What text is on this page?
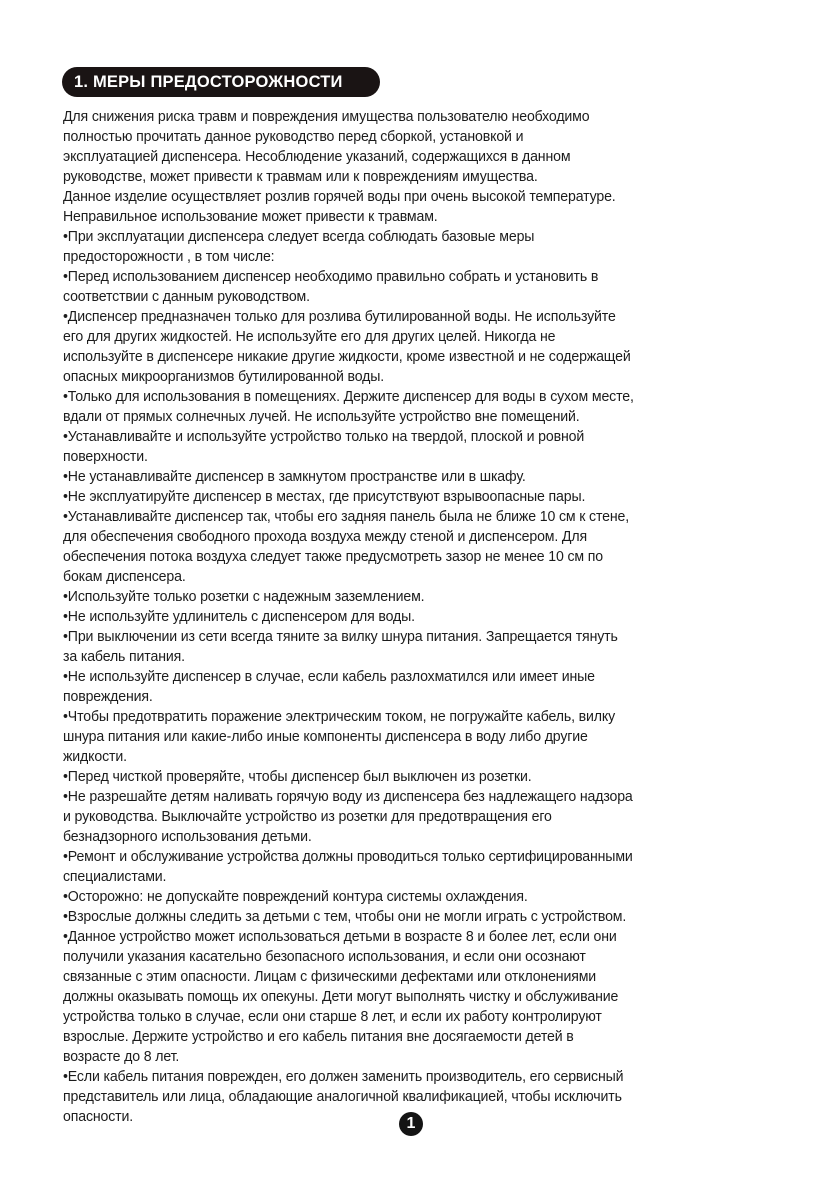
1. МЕРЫ ПРЕДОСТОРОЖНОСТИ
Для снижения риска травм и повреждения имущества пользователю необходимо
полностью прочитать данное руководство перед сборкой, установкой и
эксплуатацией диспенсера. Несоблюдение указаний, содержащихся в данном
руководстве, может привести к травмам или к повреждениям имущества.
Данное изделие осуществляет розлив горячей воды при очень высокой температуре.
Неправильное использование может привести к травмам.
•При эксплуатации диспенсера следует всегда соблюдать базовые меры
предосторожности , в том числе:
•Перед использованием диспенсер необходимо правильно собрать и установить в
соответствии с данным руководством.
•Диспенсер предназначен только для розлива бутилированной воды. Не используйте
его для других жидкостей. Не используйте его для других целей. Никогда не
используйте в диспенсере никакие другие жидкости, кроме известной и не содержащей
опасных микроорганизмов бутилированной воды.
•Только для использования в помещениях. Держите диспенсер для воды в сухом месте,
вдали от прямых солнечных лучей. Не используйте устройство вне помещений.
•Устанавливайте и используйте устройство только на твердой, плоской и ровной
поверхности.
•Не устанавливайте диспенсер в замкнутом пространстве или в шкафу.
•Не эксплуатируйте диспенсер в местах, где присутствуют взрывоопасные пары.
•Устанавливайте диспенсер так, чтобы его задняя панель была не ближе 10 см к стене,
для обеспечения свободного прохода воздуха между стеной и диспенсером. Для
обеспечения потока воздуха следует также предусмотреть зазор не менее 10 см по
бокам диспенсера.
•Используйте только розетки с надежным заземлением.
•Не используйте удлинитель с диспенсером для воды.
•При выключении из сети всегда тяните за вилку шнура питания. Запрещается тянуть
за кабель питания.
•Не используйте диспенсер в случае, если кабель разлохматился или имеет иные
повреждения.
•Чтобы предотвратить поражение электрическим током, не погружайте кабель, вилку
шнура питания или какие-либо иные компоненты диспенсера в воду либо другие
жидкости.
•Перед чисткой проверяйте, чтобы диспенсер был выключен из розетки.
•Не разрешайте детям наливать горячую воду из диспенсера без надлежащего надзора
и руководства. Выключайте устройство из розетки для предотвращения его
безнадзорного использования детьми.
•Ремонт и обслуживание устройства должны проводиться только сертифицированными
специалистами.
•Осторожно: не допускайте повреждений контура системы охлаждения.
•Взрослые должны следить за детьми с тем, чтобы они не могли играть с устройством.
•Данное устройство может использоваться детьми в возрасте 8 и более лет, если они
получили указания касательно безопасного использования, и если они осознают
связанные с этим опасности. Лицам с физическими дефектами или отклонениями
должны оказывать помощь их опекуны. Дети могут выполнять чистку и обслуживание
устройства только в случае, если они старше 8 лет, и если их работу контролируют
взрослые. Держите устройство и его кабель питания вне досягаемости детей в
возрасте до 8 лет.
•Если кабель питания поврежден, его должен заменить производитель, его сервисный
представитель или лица, обладающие аналогичной квалификацией, чтобы исключить
опасности.	1
